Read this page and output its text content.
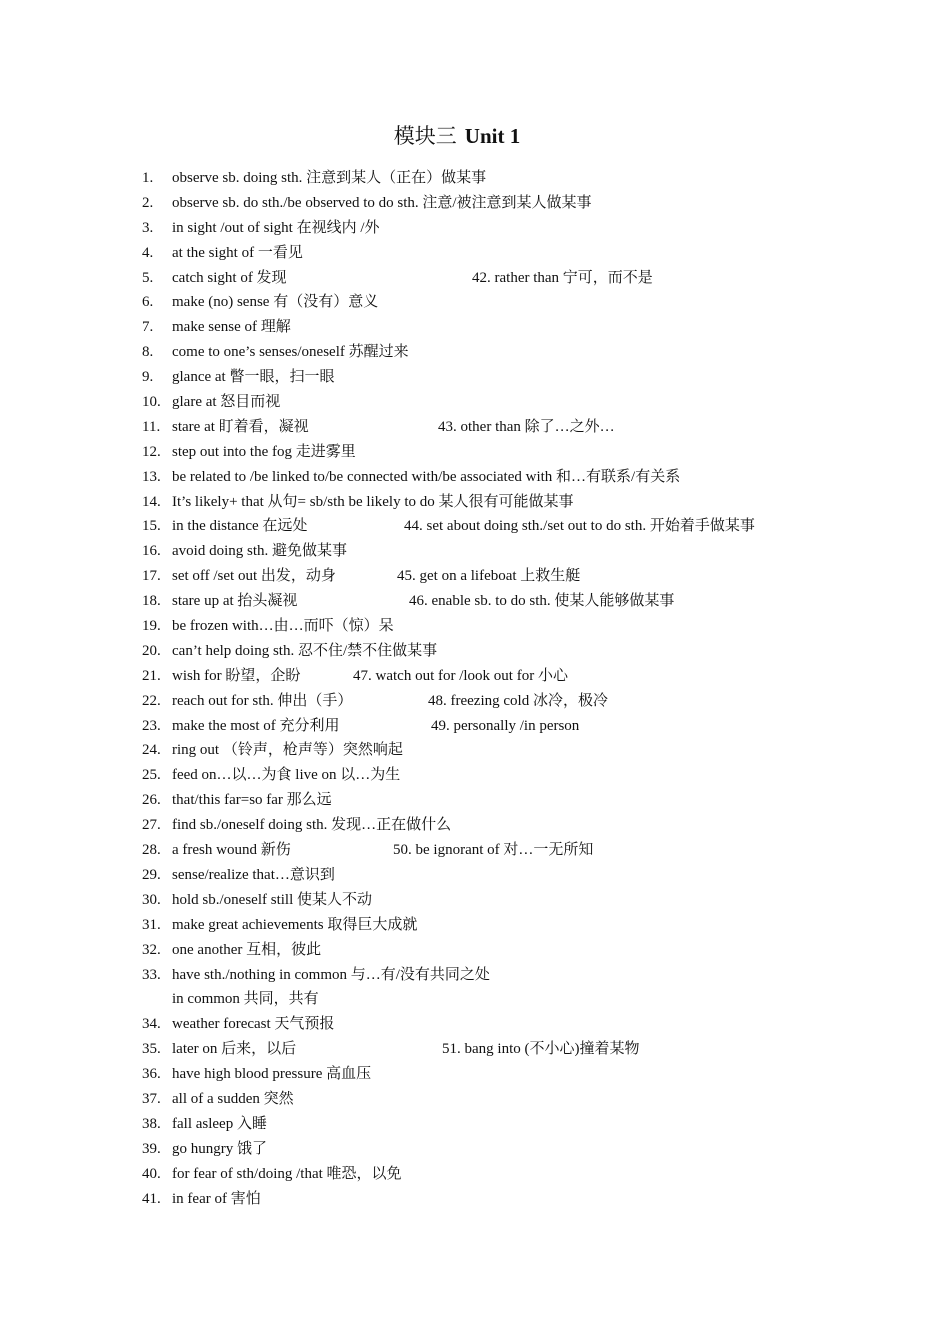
模块三 Unit 1
1. observe sb. doing sth. 注意到某人（正在）做某事
2. observe sb. do sth./be observed to do sth. 注意/被注意到某人做某事
3. in sight /out of sight 在视线内 /外
4. at the sight of 一看见
5. catch sight of 发现	42. rather than 宁可，而不是
6. make (no) sense 有（没有）意义
7. make sense of 理解
8. come to one’s senses/oneself 苏醒过来
9. glance at 瞥一眼，扫一眼
10. glare at 怒目而视
11. stare at 盯着看，凝视	43. other than 除了…之外…
12. step out into the fog 走进雾里
13. be related to /be linked to/be connected with/be associated with 和…有联系/有关系
14. It’s likely+ that 从句= sb/sth be likely to do 某人很有可能做某事
15. in the distance 在远处	44. set about doing sth./set out to do sth. 开始着手做某事
16. avoid doing sth. 避免做某事
17. set off /set out 出发，动身	45. get on a lifeboat 上救生艇
18. stare up at 抬头凝视	46. enable sb. to do sth. 使某人能够做某事
19. be frozen with…由…而吓（惊）呆
20. can’t help doing sth. 忍不住/禁不住做某事
21. wish for 盼望，企盼	47. watch out for /look out for 小心
22. reach out for sth. 伸出（手）	48. freezing cold 冰冷，极冷
23. make the most of 充分利用	49. personally /in person
24. ring out （铃声，枪声等）突然响起
25. feed on…以…为食 live on 以…为生
26. that/this far=so far 那么远
27. find sb./oneself doing sth. 发现…正在做什么
28. a fresh wound 新伤	50. be ignorant of 对…一无所知
29. sense/realize that…意识到
30. hold sb./oneself still 使某人不动
31. make great achievements 取得巨大成就
32. one another 互相，彼此
33. have sth./nothing in common 与…有/没有共同之处
in common 共同，共有
34. weather forecast 天气预报
35. later on 后来，以后	51. bang into (不小心)撞着某物
36. have high blood pressure 高血压
37. all of a sudden 突然
38. fall asleep 入睡
39. go hungry 饿了
40. for fear of sth/doing /that 唯恐，以免
41. in fear of 害怕
